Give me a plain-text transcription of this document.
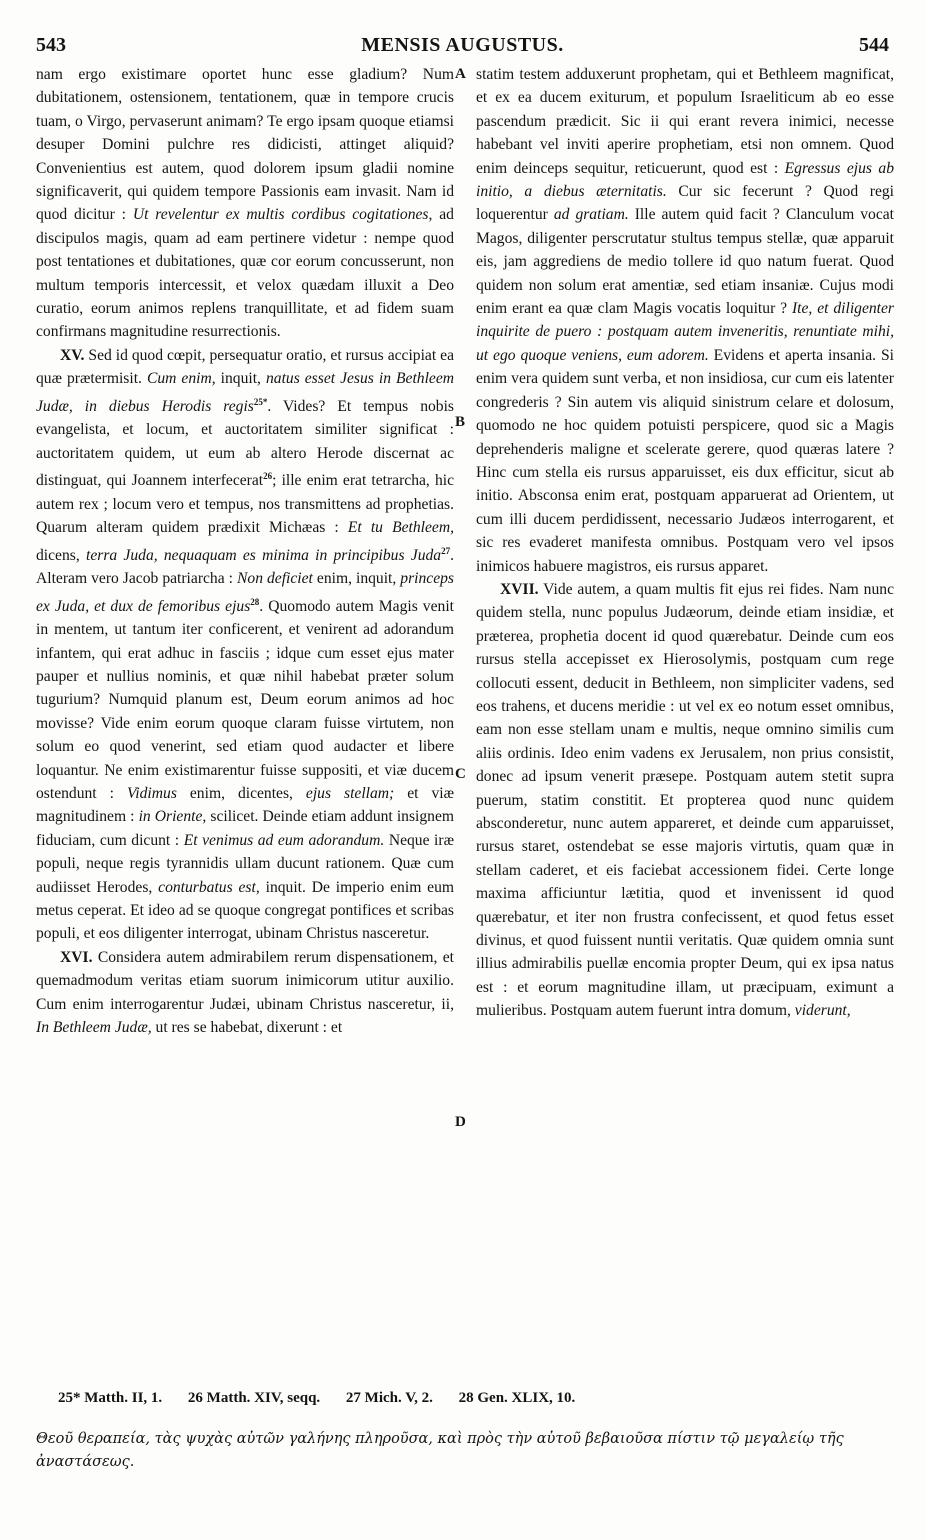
543	MENSIS AUGUSTUS.	544
A
B
C
D

nam ergo existimare oportet hunc esse gladium? Num dubitationem, ostensionem, tentationem, quæ in tempore crucis tuam, o Virgo, pervaserunt animam? Te ergo ipsam quoque etiamsi desuper Domini pulchre res didicisti, attinget aliquid? Convenientius est autem, quod dolorem ipsum gladii nomine significaverit, qui quidem tempore Passionis eam invasit. Nam id quod dicitur : Ut revelentur ex multis cordibus cogitationes, ad discipulos magis, quam ad eam pertinere videtur : nempe quod post tentationes et dubitationes, quæ cor eorum concusserunt, non multum temporis intercessit, et velox quædam illuxit a Deo curatio, eorum animos replens tranquillitate, et ad fidem suam confirmans magnitudine resurrectionis.

XV. Sed id quod cœpit, persequatur oratio, et rursus accipiat ea quæ prætermisit. Cum enim, inquit, natus esset Jesus in Bethleem Judæ, in diebus Herodis regis$^{25*}$. Vides? Et tempus nobis evangelista, et locum, et auctoritatem similiter significat : auctoritatem quidem, ut eum ab altero Herode discernat ac distinguat, qui Joannem interfecerat$^{26}$; ille enim erat tetrarcha, hic autem rex ; locum vero et tempus, nos transmittens ad prophetias. Quarum alteram quidem prædixit Michæas : Et tu Bethleem, dicens, terra Juda, nequaquam es minima in principibus Juda$^{27}$. Alteram vero Jacob patriarcha : Non deficiet enim, inquit, princeps ex Juda, et dux de femoribus ejus$^{28}$. Quomodo autem Magis venit in mentem, ut tantum iter conficerent, et venirent ad adorandum infantem, qui erat adhuc in fasciis ; idque cum esset ejus mater pauper et nullius nominis, et quæ nihil habebat præter solum tugurium? Numquid planum est, Deum eorum animos ad hoc movisse? Vide enim eorum quoque claram fuisse virtutem, non solum eo quod venerint, sed etiam quod audacter et libere loquantur. Ne enim existimarentur fuisse suppositi, et viæ ducem ostendunt : Vidimus enim, dicentes, ejus stellam; et viæ magnitudinem : in Oriente, scilicet. Deinde etiam addunt insignem fiduciam, cum dicunt : Et venimus ad eum adorandum. Neque iræ populi, neque regis tyrannidis ullam ducunt rationem. Quæ cum audiisset Herodes, conturbatus est, inquit. De imperio enim eum metus ceperat. Et ideo ad se quoque congregat pontifices et scribas populi, et eos diligenter interrogat, ubinam Christus nasceretur.

XVI. Considera autem admirabilem rerum dispensationem, et quemadmodum veritas etiam suorum inimicorum utitur auxilio. Cum enim interrogarentur Judæi, ubinam Christus nasceretur, ii, In Bethleem Judæ, ut res se habebat, dixerunt : et

statim testem adduxerunt prophetam, qui et Bethleem magnificat, et ex ea ducem exiturum, et populum Israeliticum ab eo esse pascendum prædicit. Sic ii qui erant revera inimici, necesse habebant vel inviti aperire prophetiam, etsi non omnem. Quod enim deinceps sequitur, reticuerunt, quod est : Egressus ejus ab initio, a diebus æternitatis. Cur sic fecerunt ? Quod regi loquerentur ad gratiam. Ille autem quid facit ? Clanculum vocat Magos, diligenter perscrutatur stultus tempus stellæ, quæ apparuit eis, jam aggrediens de medio tollere id quo natum fuerat. Quod quidem non solum erat amentiæ, sed etiam insaniæ. Cujus modi enim erant ea quæ clam Magis vocatis loquitur ? Ite, et diligenter inquirite de puero : postquam autem inveneritis, renuntiate mihi, ut ego quoque veniens, eum adorem. Evidens et aperta insania. Si enim vera quidem sunt verba, et non insidiosa, cur cum eis latenter congrederis ? Sin autem vis aliquid sinistrum celare et dolosum, quomodo ne hoc quidem potuisti perspicere, quod sic a Magis deprehenderis maligne et scelerate gerere, quod quæras latere ? Hinc cum stella eis rursus apparuisset, eis dux efficitur, sicut ab initio. Absconsa enim erat, postquam apparuerat ad Orientem, ut cum illi ducem perdidissent, necessario Judæos interrogarent, et sic res evaderet manifesta omnibus. Postquam vero vel ipsos inimicos habuere magistros, eis rursus apparet.

XVII. Vide autem, a quam multis fit ejus rei fides. Nam nunc quidem stella, nunc populus Judæorum, deinde etiam insidiæ, et præterea, prophetia docent id quod quærebatur. Deinde cum eos rursus stella accepisset ex Hierosolymis, postquam cum rege collocuti essent, deducit in Bethleem, non simpliciter vadens, sed eos trahens, et ducens meridie : ut vel ex eo notum esset omnibus, eam non esse stellam unam e multis, neque omnino similis cum aliis ordinis. Ideo enim vadens ex Jerusalem, non prius consistit, donec ad ipsum venerit præsepe. Postquam autem stetit supra puerum, statim constitit. Et propterea quod nunc quidem absconderetur, nunc autem appareret, et deinde cum apparuisset, rursus staret, ostendebat se esse majoris virtutis, quam quæ in stellam caderet, et eis faciebat accessionem fidei. Certe longe maxima afficiuntur lætitia, quod et invenissent id quod quærebatur, et iter non frustra confecissent, et quod fetus esset divinus, et quod fuissent nuntii veritatis. Quæ quidem omnia sunt illius admirabilis puellæ encomia propter Deum, qui ex ipsa natus est : et eorum magnitudine illam, ut præcipuam, eximunt a mulieribus. Postquam autem fuerunt intra domum, viderunt,

25* Matth. II, 1. 26 Matth. XIV, seqq. 27 Mich. V, 2. 28 Gen. XLIX, 10.
Θεοῦ θεραπεία, τὰς ψυχὰς αὐτῶν γαλήνης πληροῦσα, καὶ πρὸς τὴν αὐτοῦ βεβαιοῦσα πίστιν τῷ μεγαλείῳ τῆς ἀναστάσεως.
